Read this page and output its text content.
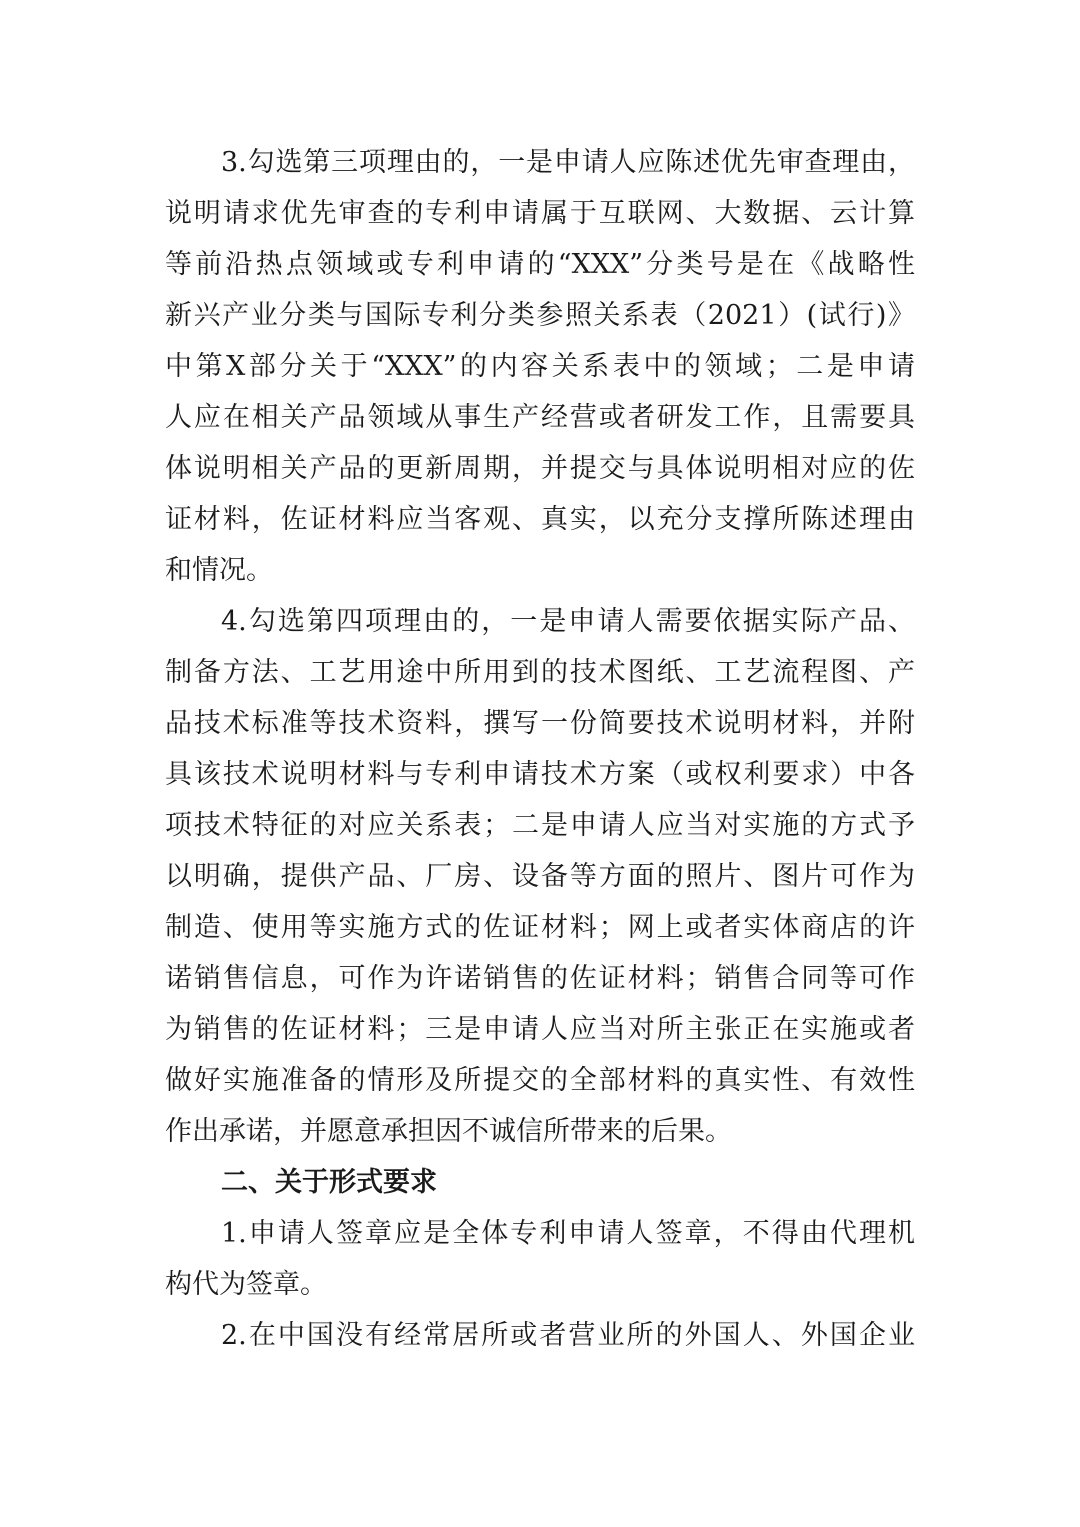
3.勾选第三项理由的，一是申请人应陈述优先审查理由，
说明请求优先审查的专利申请属于互联网、大数据、云计算
等前沿热点领域或专利申请的“XXX”分类号是在《战略性
新兴产业分类与国际专利分类参照关系表（2021）(试行)》
中第X部分关于“XXX”的内容关系表中的领域；二是申请
人应在相关产品领域从事生产经营或者研发工作，且需要具
体说明相关产品的更新周期，并提交与具体说明相对应的佐
证材料，佐证材料应当客观、真实，以充分支撑所陈述理由
和情况。
4.勾选第四项理由的，一是申请人需要依据实际产品、
制备方法、工艺用途中所用到的技术图纸、工艺流程图、产
品技术标准等技术资料，撰写一份简要技术说明材料，并附
具该技术说明材料与专利申请技术方案（或权利要求）中各
项技术特征的对应关系表；二是申请人应当对实施的方式予
以明确，提供产品、厂房、设备等方面的照片、图片可作为
制造、使用等实施方式的佐证材料；网上或者实体商店的许
诺销售信息，可作为许诺销售的佐证材料；销售合同等可作
为销售的佐证材料；三是申请人应当对所主张正在实施或者
做好实施准备的情形及所提交的全部材料的真实性、有效性
作出承诺，并愿意承担因不诚信所带来的后果。
二、关于形式要求
1.申请人签章应是全体专利申请人签章，不得由代理机
构代为签章。
2.在中国没有经常居所或者营业所的外国人、外国企业
